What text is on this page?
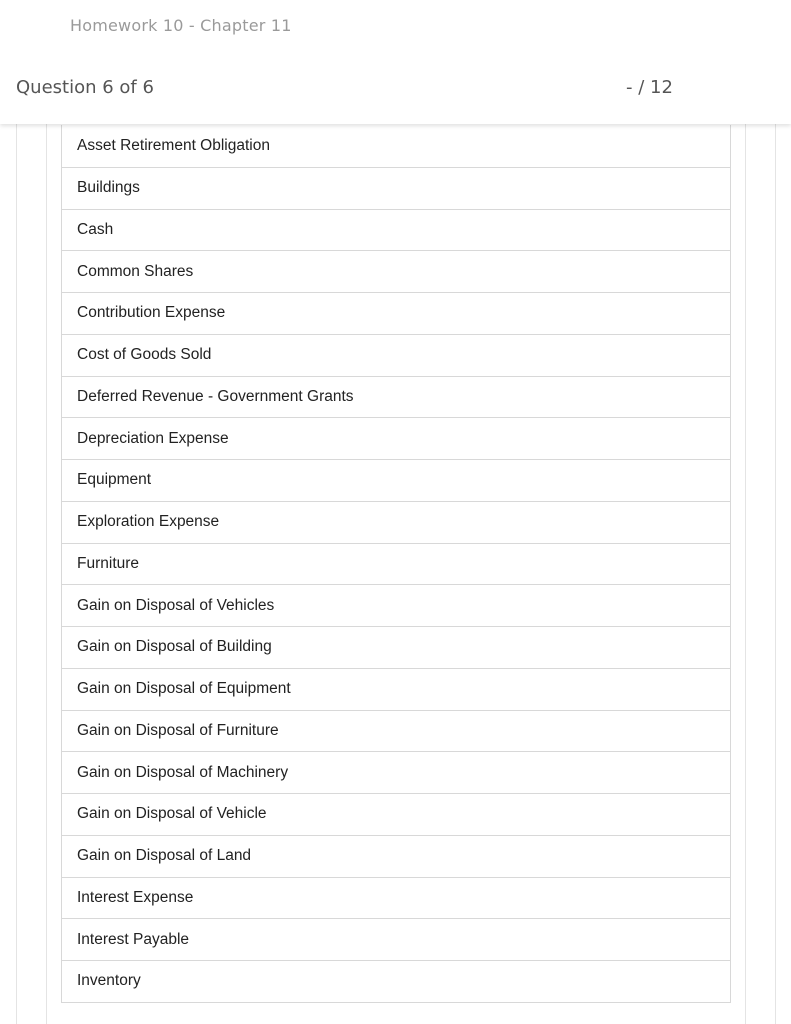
Homework 10 - Chapter 11
Question 6 of 6	- / 12
Asset Retirement Obligation
Buildings
Cash
Common Shares
Contribution Expense
Cost of Goods Sold
Deferred Revenue - Government Grants
Depreciation Expense
Equipment
Exploration Expense
Furniture
Gain on Disposal of Vehicles
Gain on Disposal of Building
Gain on Disposal of Equipment
Gain on Disposal of Furniture
Gain on Disposal of Machinery
Gain on Disposal of Vehicle
Gain on Disposal of Land
Interest Expense
Interest Payable
Inventory
